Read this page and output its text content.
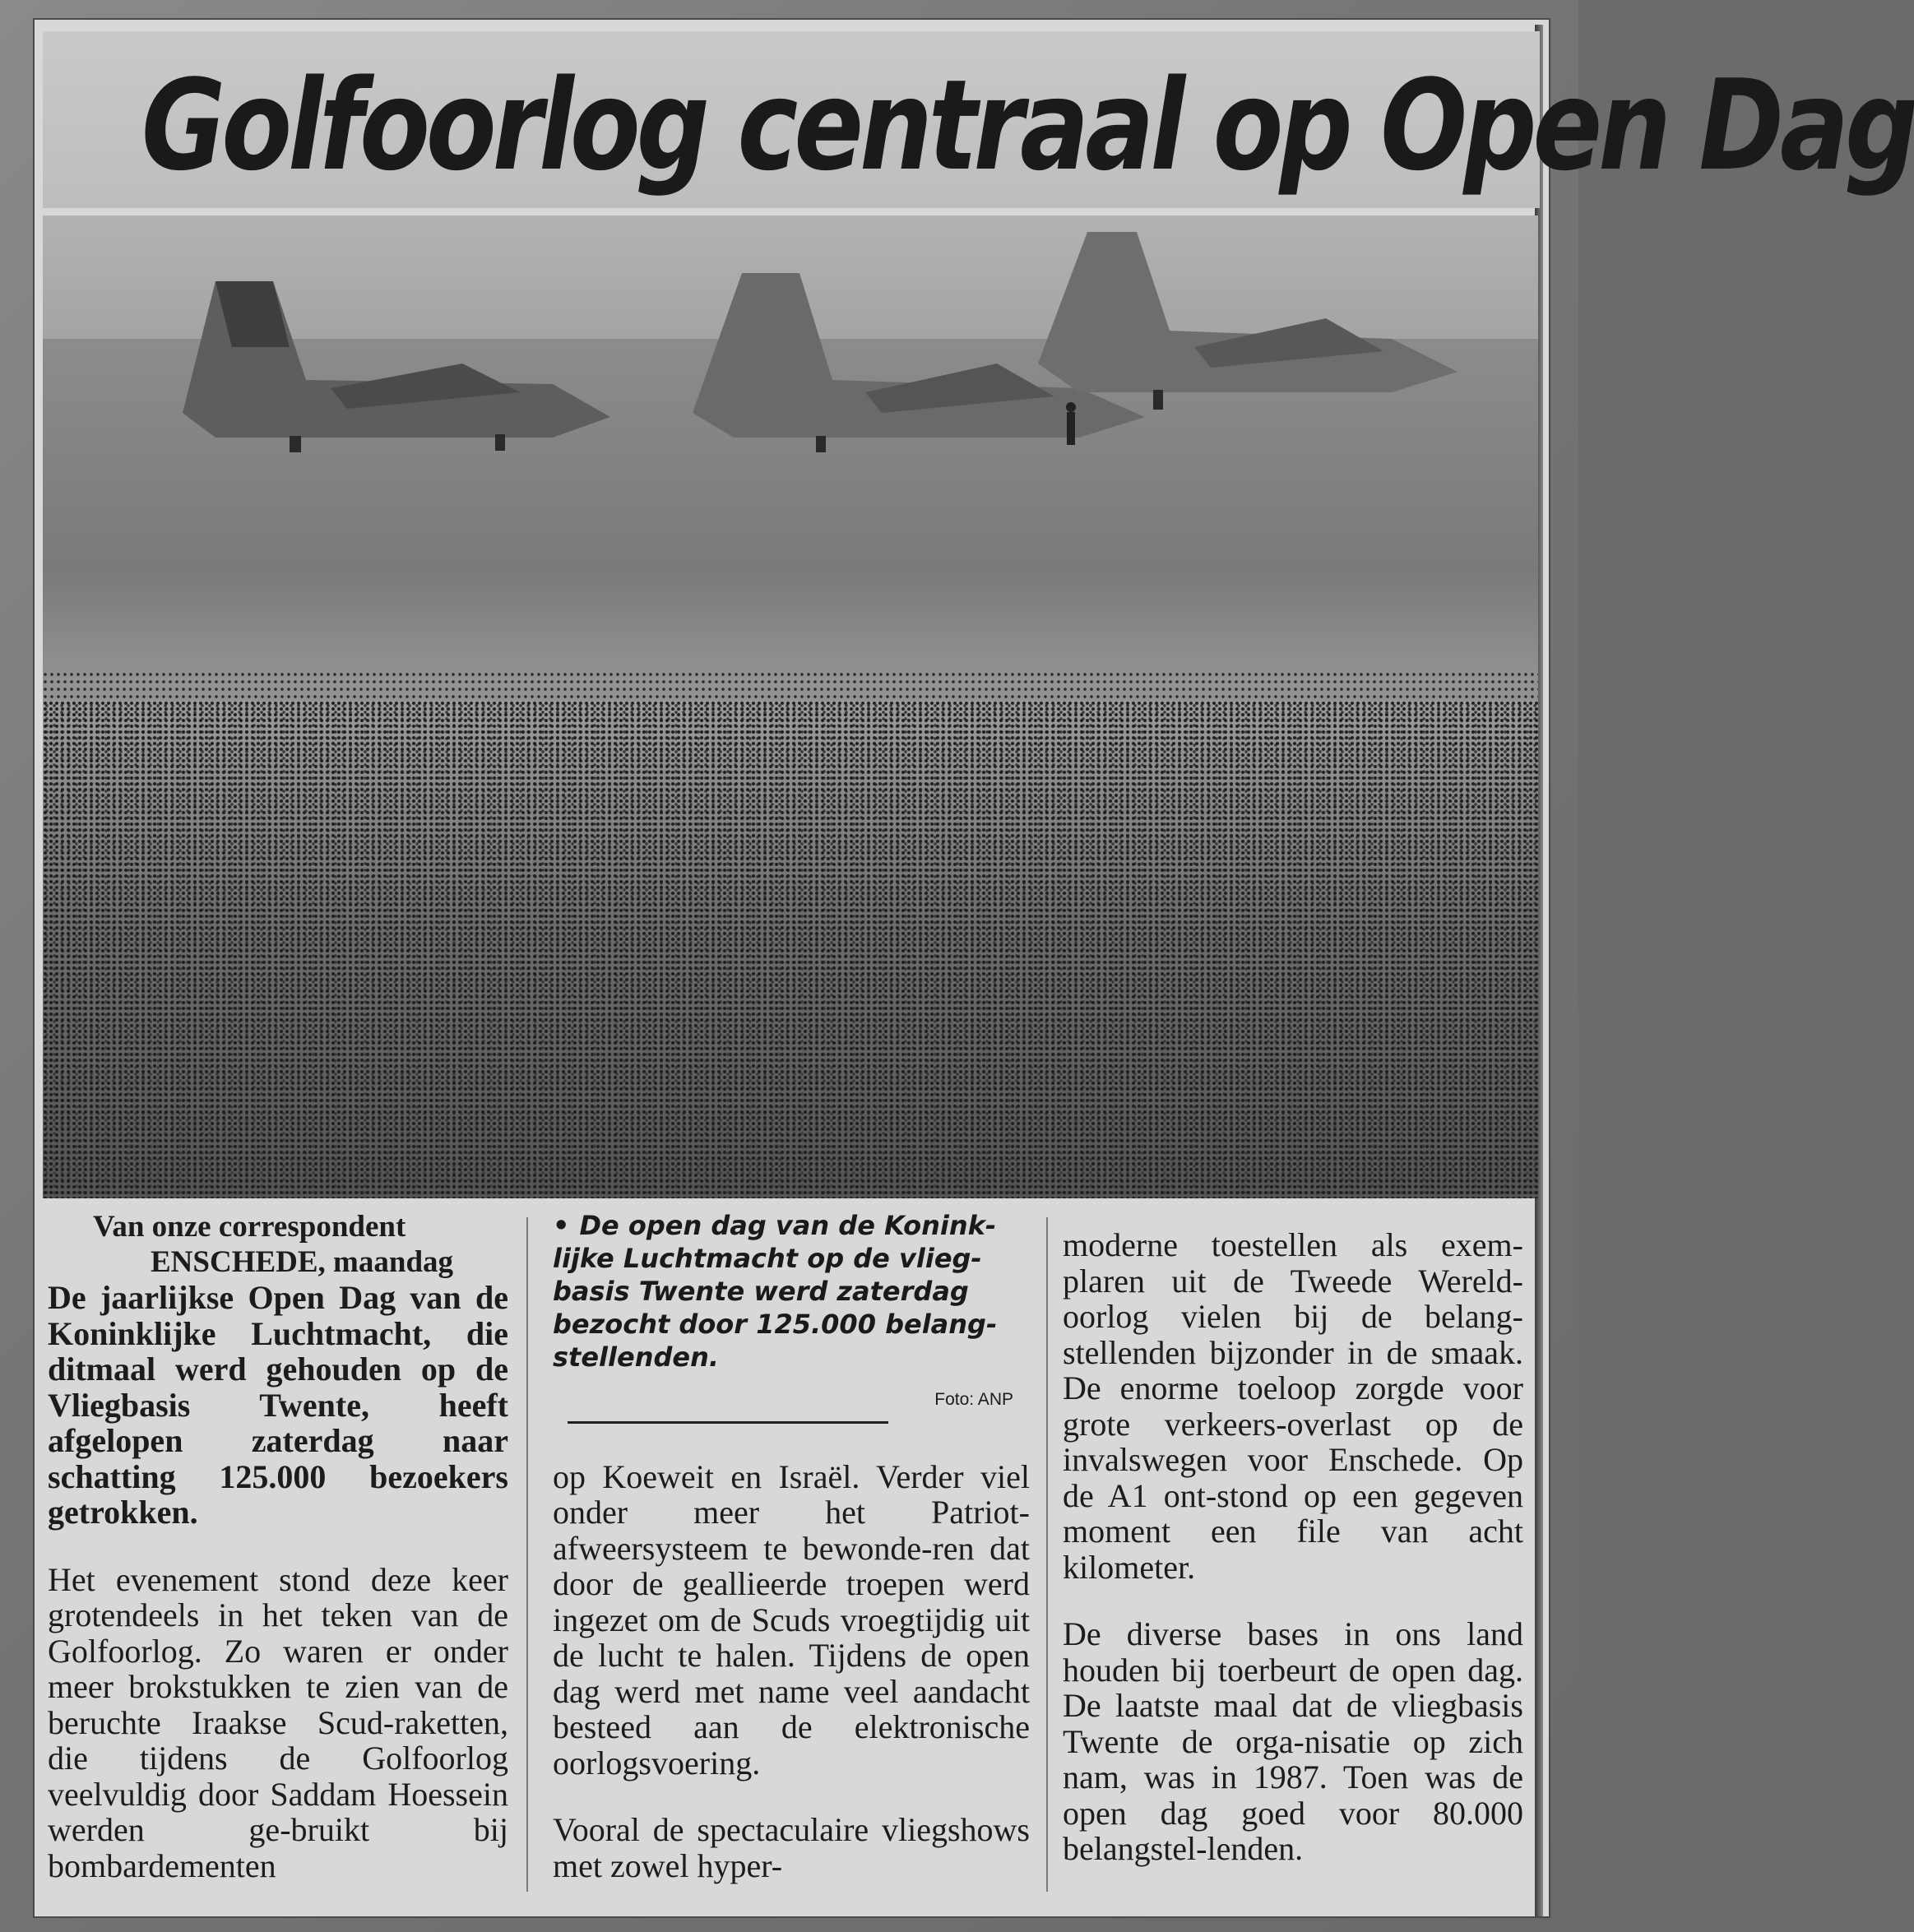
Golfoorlog centraal op Open Dag

Van onze correspondent

ENSCHEDE, maandag

De jaarlijkse Open Dag van de Koninklijke Luchtmacht, die ditmaal werd gehouden op de Vliegbasis Twente, heeft afgelopen zaterdag naar schatting 125.000 bezoekers getrokken.

Het evenement stond deze keer grotendeels in het teken van de Golfoorlog. Zo waren er onder meer brokstukken te zien van de beruchte Iraakse Scud-raketten, die tijdens de Golfoorlog veelvuldig door Saddam Hoessein werden ge-bruikt bij bombardementen

• De open dag van de Konink-
lijke Luchtmacht op de vlieg-
basis Twente werd zaterdag
bezocht door 125.000 belang-
stellenden.
Foto: ANP

op Koeweit en Israël. Verder viel onder meer het Patriot-afweersysteem te bewonde-ren dat door de geallieerde troepen werd ingezet om de Scuds vroegtijdig uit de lucht te halen. Tijdens de open dag werd met name veel aandacht besteed aan de elektronische oorlogsvoering.

Vooral de spectaculaire vliegshows met zowel hyper-

moderne toestellen als exem-plaren uit de Tweede Wereld-oorlog vielen bij de belang-stellenden bijzonder in de smaak. De enorme toeloop zorgde voor grote verkeers-overlast op de invalswegen voor Enschede. Op de A1 ont-stond op een gegeven moment een file van acht kilometer.

De diverse bases in ons land houden bij toerbeurt de open dag. De laatste maal dat de vliegbasis Twente de orga-nisatie op zich nam, was in 1987. Toen was de open dag goed voor 80.000 belangstel-lenden.
